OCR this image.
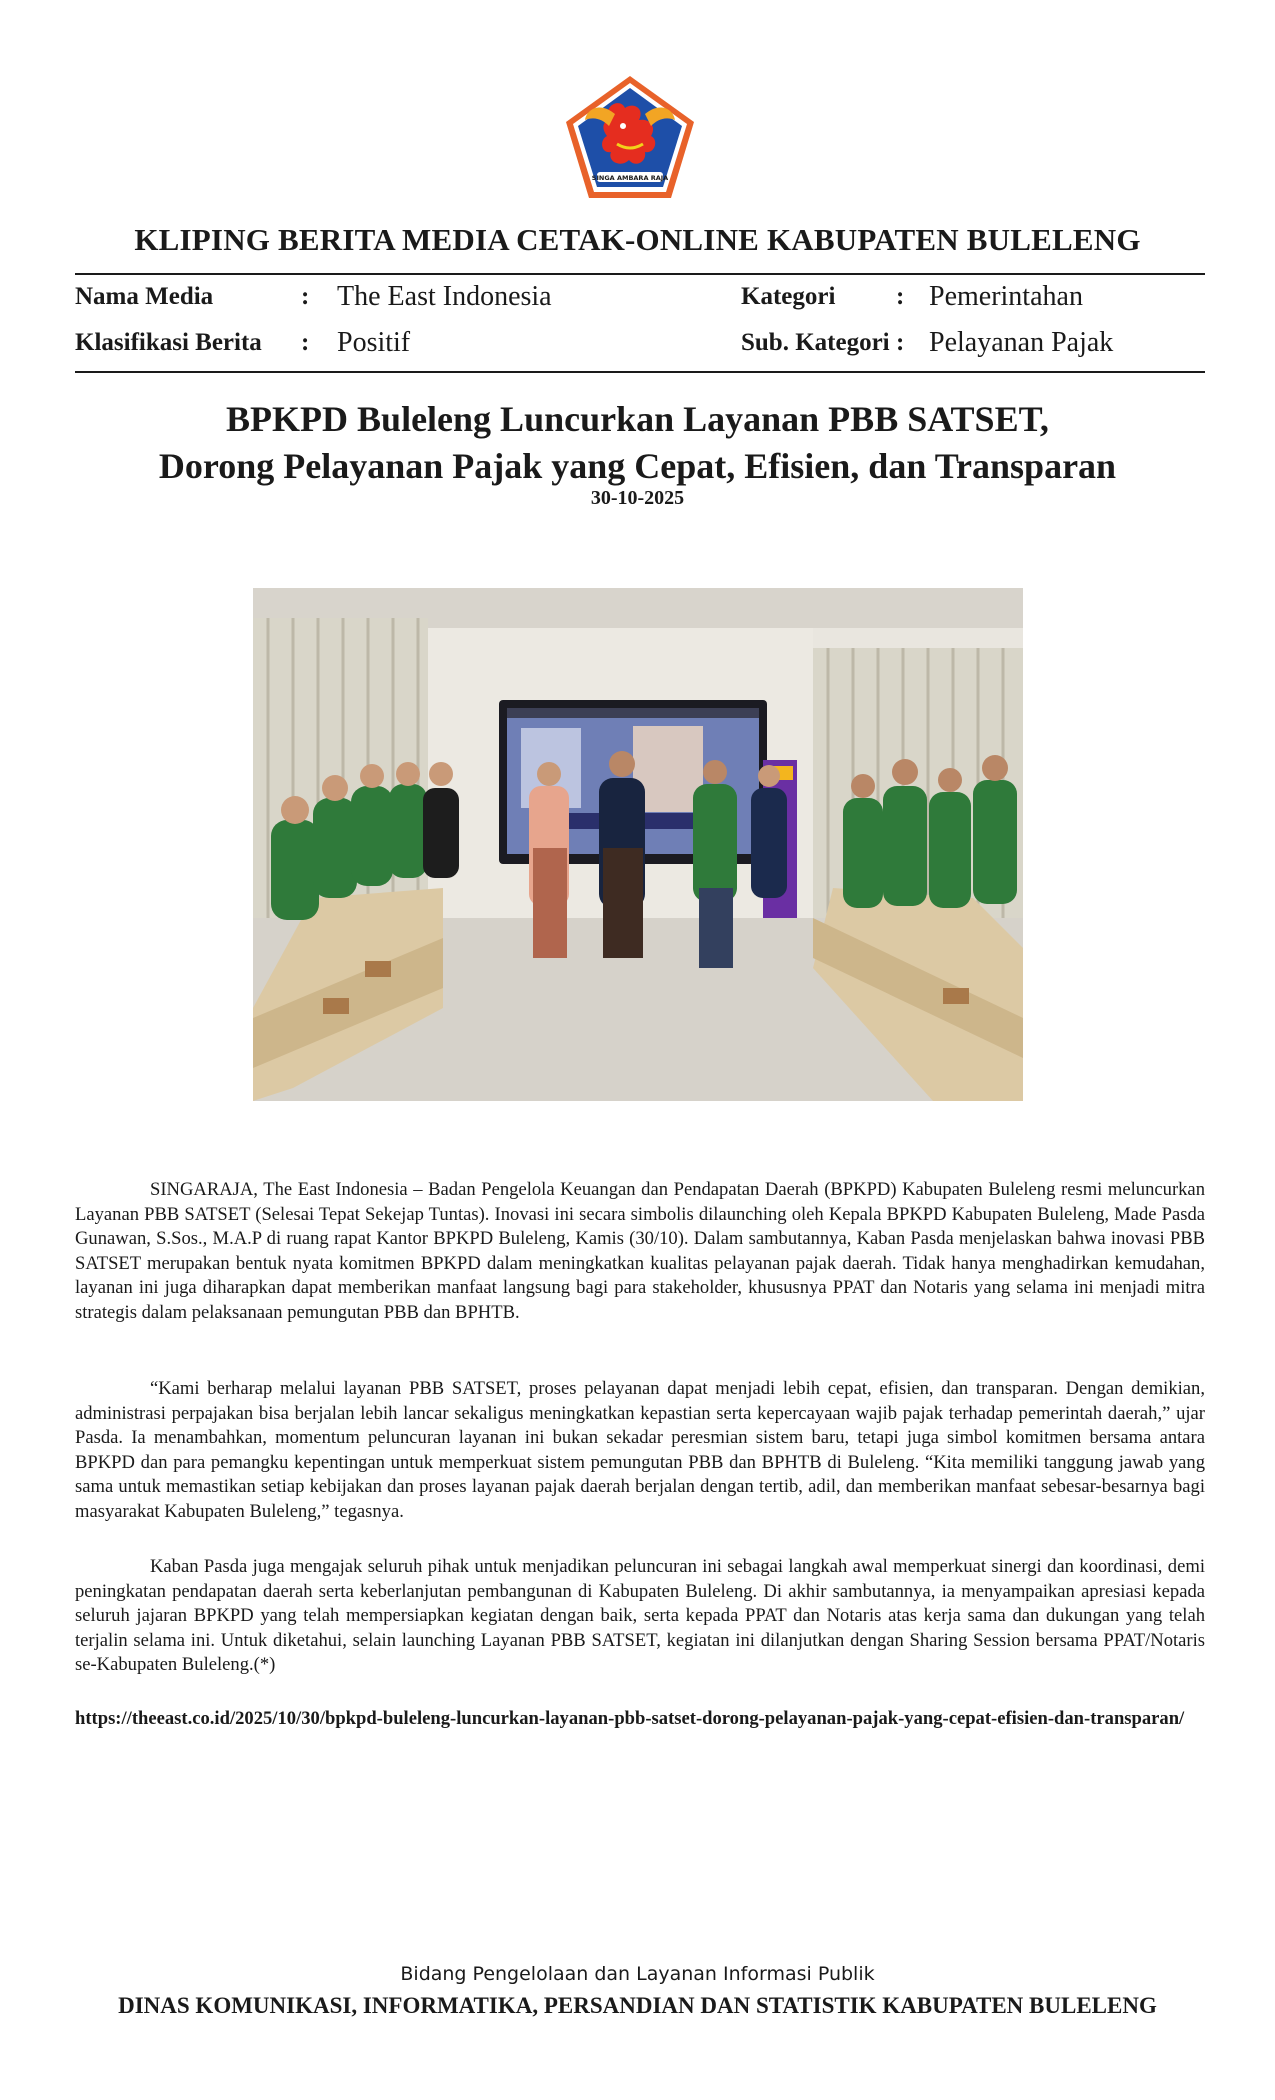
SINGA AMBARA RAJA
KLIPING BERITA MEDIA CETAK-ONLINE KABUPATEN BULELENG
Nama Media	: The East Indonesia	Kategori : Pemerintahan
Klasifikasi Berita : Positif	Sub. Kategori : Pelayanan Pajak
BPKPD Buleleng Luncurkan Layanan PBB SATSET,
Dorong Pelayanan Pajak yang Cepat, Efisien, dan Transparan
30-10-2025
SINGARAJA, The East Indonesia – Badan Pengelola Keuangan dan Pendapatan Daerah (BPKPD) Kabupaten Buleleng resmi meluncurkan Layanan PBB SATSET (Selesai Tepat Sekejap Tuntas). Inovasi ini secara simbolis dilaunching oleh Kepala BPKPD Kabupaten Buleleng, Made Pasda Gunawan, S.Sos., M.A.P di ruang rapat Kantor BPKPD Buleleng, Kamis (30/10). Dalam sambutannya, Kaban Pasda menjelaskan bahwa inovasi PBB SATSET merupakan bentuk nyata komitmen BPKPD dalam meningkatkan kualitas pelayanan pajak daerah. Tidak hanya menghadirkan kemudahan, layanan ini juga diharapkan dapat memberikan manfaat langsung bagi para stakeholder, khususnya PPAT dan Notaris yang selama ini menjadi mitra strategis dalam pelaksanaan pemungutan PBB dan BPHTB.
“Kami berharap melalui layanan PBB SATSET, proses pelayanan dapat menjadi lebih cepat, efisien, dan transparan. Dengan demikian, administrasi perpajakan bisa berjalan lebih lancar sekaligus meningkatkan kepastian serta kepercayaan wajib pajak terhadap pemerintah daerah,” ujar Pasda. Ia menambahkan, momentum peluncuran layanan ini bukan sekadar peresmian sistem baru, tetapi juga simbol komitmen bersama antara BPKPD dan para pemangku kepentingan untuk memperkuat sistem pemungutan PBB dan BPHTB di Buleleng. “Kita memiliki tanggung jawab yang sama untuk memastikan setiap kebijakan dan proses layanan pajak daerah berjalan dengan tertib, adil, dan memberikan manfaat sebesar-besarnya bagi masyarakat Kabupaten Buleleng,” tegasnya.
Kaban Pasda juga mengajak seluruh pihak untuk menjadikan peluncuran ini sebagai langkah awal memperkuat sinergi dan koordinasi, demi peningkatan pendapatan daerah serta keberlanjutan pembangunan di Kabupaten Buleleng. Di akhir sambutannya, ia menyampaikan apresiasi kepada seluruh jajaran BPKPD yang telah mempersiapkan kegiatan dengan baik, serta kepada PPAT dan Notaris atas kerja sama dan dukungan yang telah terjalin selama ini. Untuk diketahui, selain launching Layanan PBB SATSET, kegiatan ini dilanjutkan dengan Sharing Session bersama PPAT/Notaris se-Kabupaten Buleleng.(*)
https://theeast.co.id/2025/10/30/bpkpd-buleleng-luncurkan-layanan-pbb-satset-dorong-pelayanan-pajak-yang-cepat-efisien-dan-transparan/
Bidang Pengelolaan dan Layanan Informasi Publik
DINAS KOMUNIKASI, INFORMATIKA, PERSANDIAN DAN STATISTIK KABUPATEN BULELENG
